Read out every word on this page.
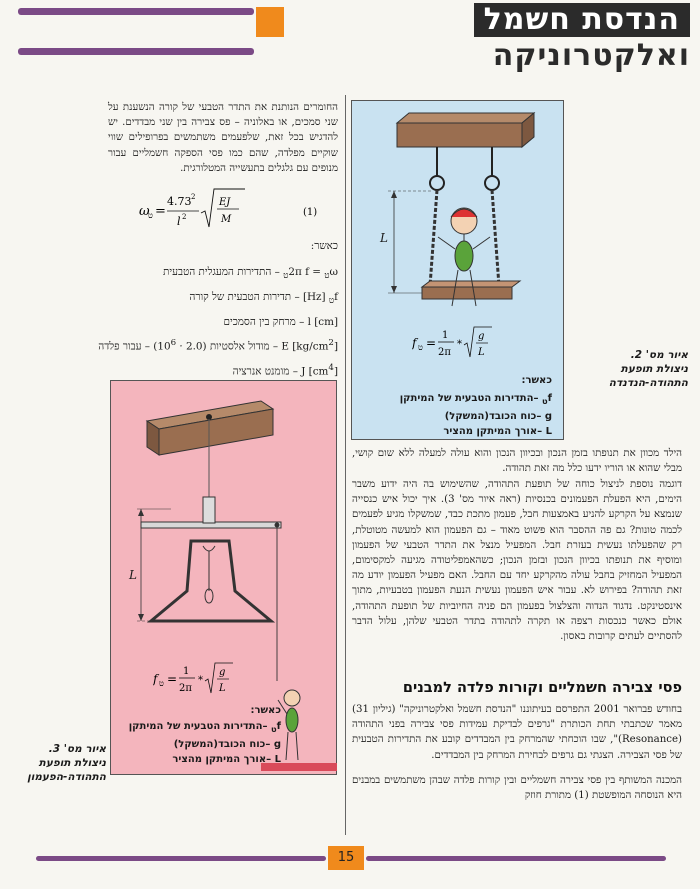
הנדסת חשמל
ואלקטרוניקה
החומרים הנותנת את התדר הטבעי של קורה הנשענת על שני סמכים, או באלוניה – פס צבירה בין שני מבדדים. יש להדגיש בכל זאת, שלפעמים משתמשים בפרופילים שווי שוקיים מפלדה, שהם כמו פסי הספקה חשמליים עבור מנופים עם גלגלים בתעשייה המטלורגית.
ω
ט =
4.73 2
l 2
EJ
M
(1)
כאשר:
$\omega_ט = 2\pi$ $f_ט$ – התדירות המעגלית הטבעית
$f_ט$ [Hz] – תדירות הטבעית של קורה
l [cm] – מרחק בין הסמכים
E $[kg/cm^2]$ – מודול אלסטיות $(2.0 \cdot 10^6)$ – עבור פלדה
J $[cm^4]$ – מומנט אנרציה
L
f ט =
1
2π
*
g
L
כאשר:
$f_ט$ –התדירות הטבעית של המיתקן
g –כוח הכובד(המשקל)
L –אורך המיתקן מהציר
איור מס' 2.
ניצולת תופעת
התהודה-הנדנדה
L
f ט =
1
2π
*
g
L
כאשר:
$f_ט$ –התדירות הטבעית של המיתקן
g –כוח הכובד(המשקל)
L –אורך המיתקן מהציר
איור מס' 3.
ניצולת תופעת
התהודה-הפעמון
הילד מכוון את תנופתו בזמן הנכון ובכיוון הנכון והוא עולה למעלה ללא שום קושי, מבלי שהוא או הוריו ידעו כלל מה זאת תהודה.
דוגמה נוספת לניצול כוחה של תופעת התהודה, שהשימוש בה היה ידוע משבר הימים, היא הפעלת הפעמונים בכנסיות (ראה איור מס' 3). איך יכול איש כנסייה שנמצא על הקרקע להניע באמצעות חבל, פעמון מתכת כבד, שמשקלו מגיע לפעמים לכמה טונות? גם פה ההסבר הוא פשוט מאוד – גם הפעמון הוא למעשה מטוטלת, רק שהפעלתו נעשית בעזרת חבל. המפעיל מנצל את התדר הטבעי של הפעמון ומוסיף את תנופתו בכיוון הנכון ובזמן הנכון; כשהאמפליטודה מגיעה למקסימום, המפעיל המחזיק בחבל עולה מהקרקע יחד עם החבל. האם מפעיל הפעמון יודע מה זאת תהודה? בפירוש לא. עבור איש הפעמון נעשית הנעת הפעמון בטבעיות, מתוך אינסטינקט. נדגוד הנדוה והצלצול בפעמון הם פניה החיוביות של תופעת התהודה, אולם כאשר כנכסות רצפה או תקרה לתהודה בתדר הטבעי שלהן, עלול הדבר להסתיים לעתים קרובות באסון.
פסי צבירה חשמליים וקורות פלדה למבנים
בחודש פברואר 2001 התפרסם בעיתוננו "הנדסת חשמל ואלקטרוניקה" (גיליון 31) מאמר שכתבתי תחת הכותרת "גרפים לבדיקת עמידות פסי צבירה בפני התהודה (Resonance)", שבו הוכחתי שהמרחק בין המבדדים קובע את התדירות הטבעית של פסי הצבירה. הצגתי גם גרפים לבחירת המרחק בין המבדדים.
המכנה המשותף בין פסי צבירה חשמליים ובין קורות פלדה שבהן משתמשים במבנים היא הנוסחה המופשטת (1) מתורת חוזק
15
